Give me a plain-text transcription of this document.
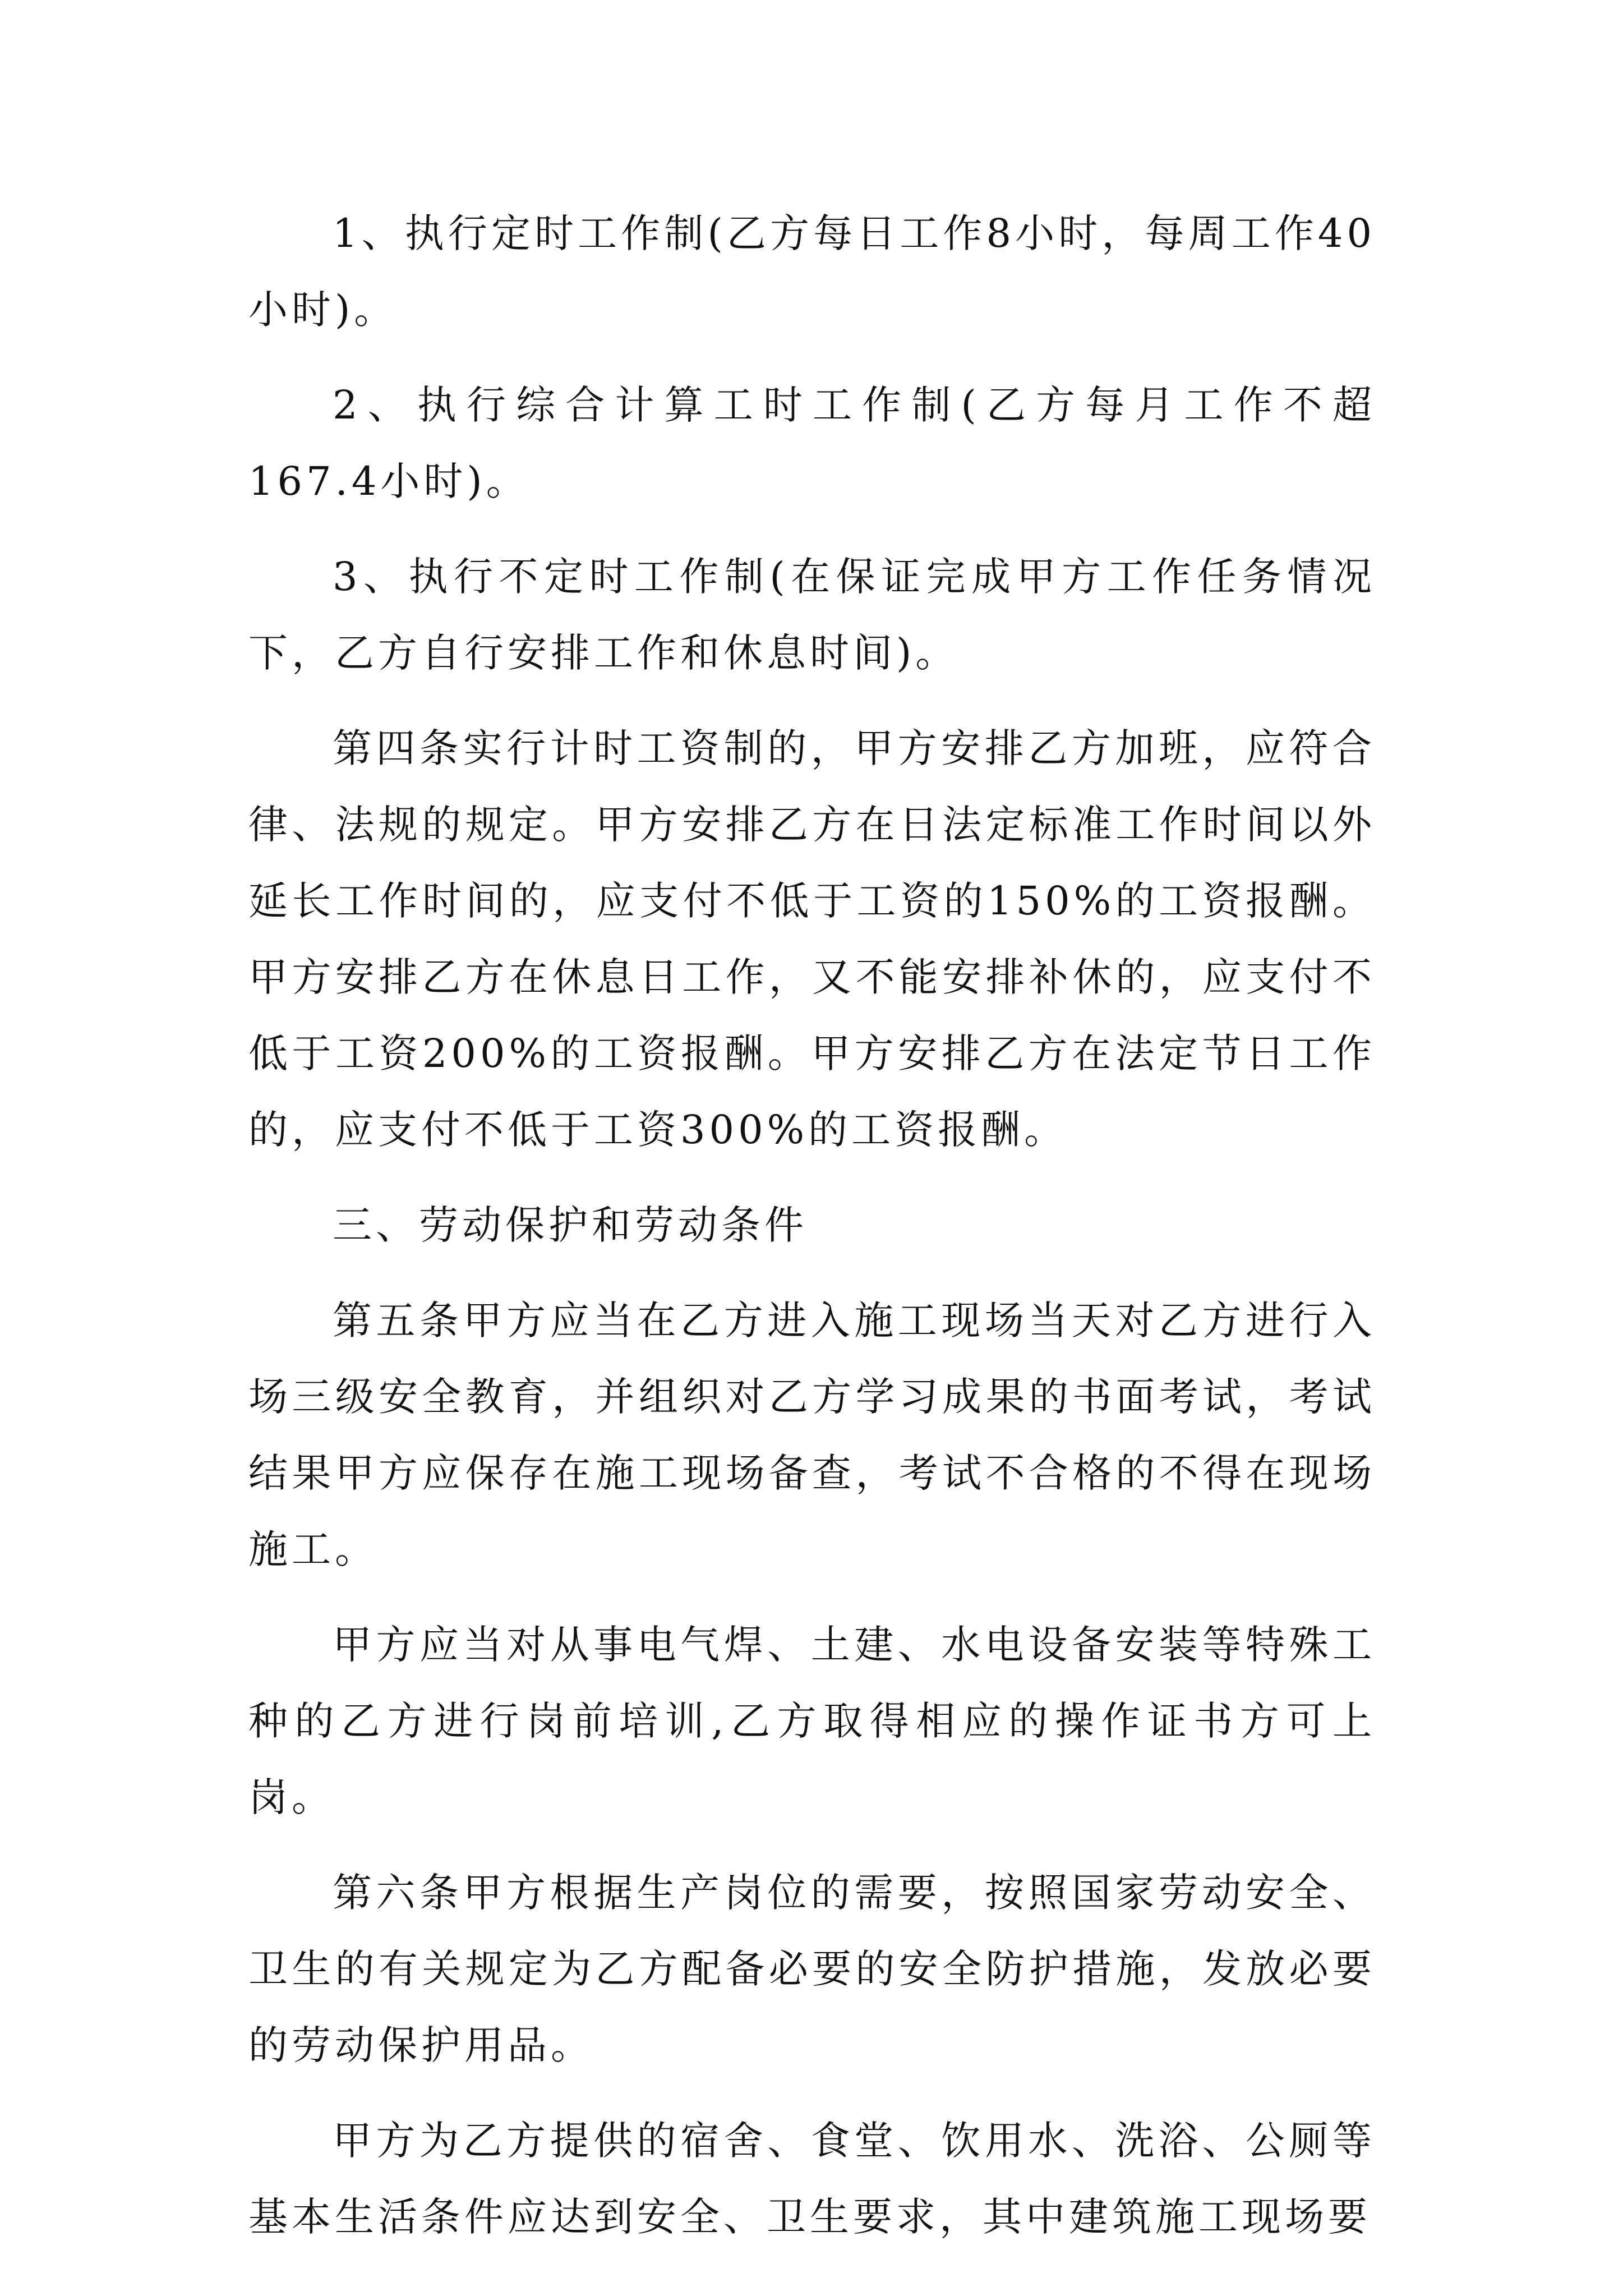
1、执行定时工作制(乙方每日工作8小时，每周工作40小时)。

2、执行综合计算工时工作制(乙方每月工作不超167.4小时)。

3、执行不定时工作制(在保证完成甲方工作任务情况下，乙方自行安排工作和休息时间)。

第四条实行计时工资制的，甲方安排乙方加班，应符合律、法规的规定。甲方安排乙方在日法定标准工作时间以外延长工作时间的，应支付不低于工资的150%的工资报酬。甲方安排乙方在休息日工作，又不能安排补休的，应支付不低于工资200%的工资报酬。甲方安排乙方在法定节日工作的，应支付不低于工资300%的工资报酬。

三、劳动保护和劳动条件

第五条甲方应当在乙方进入施工现场当天对乙方进行入场三级安全教育，并组织对乙方学习成果的书面考试，考试结果甲方应保存在施工现场备查，考试不合格的不得在现场施工。

甲方应当对从事电气焊、土建、水电设备安装等特殊工种的乙方进行岗前培训,乙方取得相应的操作证书方可上岗。

第六条甲方根据生产岗位的需要，按照国家劳动安全、卫生的有关规定为乙方配备必要的安全防护措施，发放必要的劳动保护用品。

甲方为乙方提供的宿舍、食堂、饮用水、洗浴、公厕等基本生活条件应达到安全、卫生要求，其中建筑施工现场要
